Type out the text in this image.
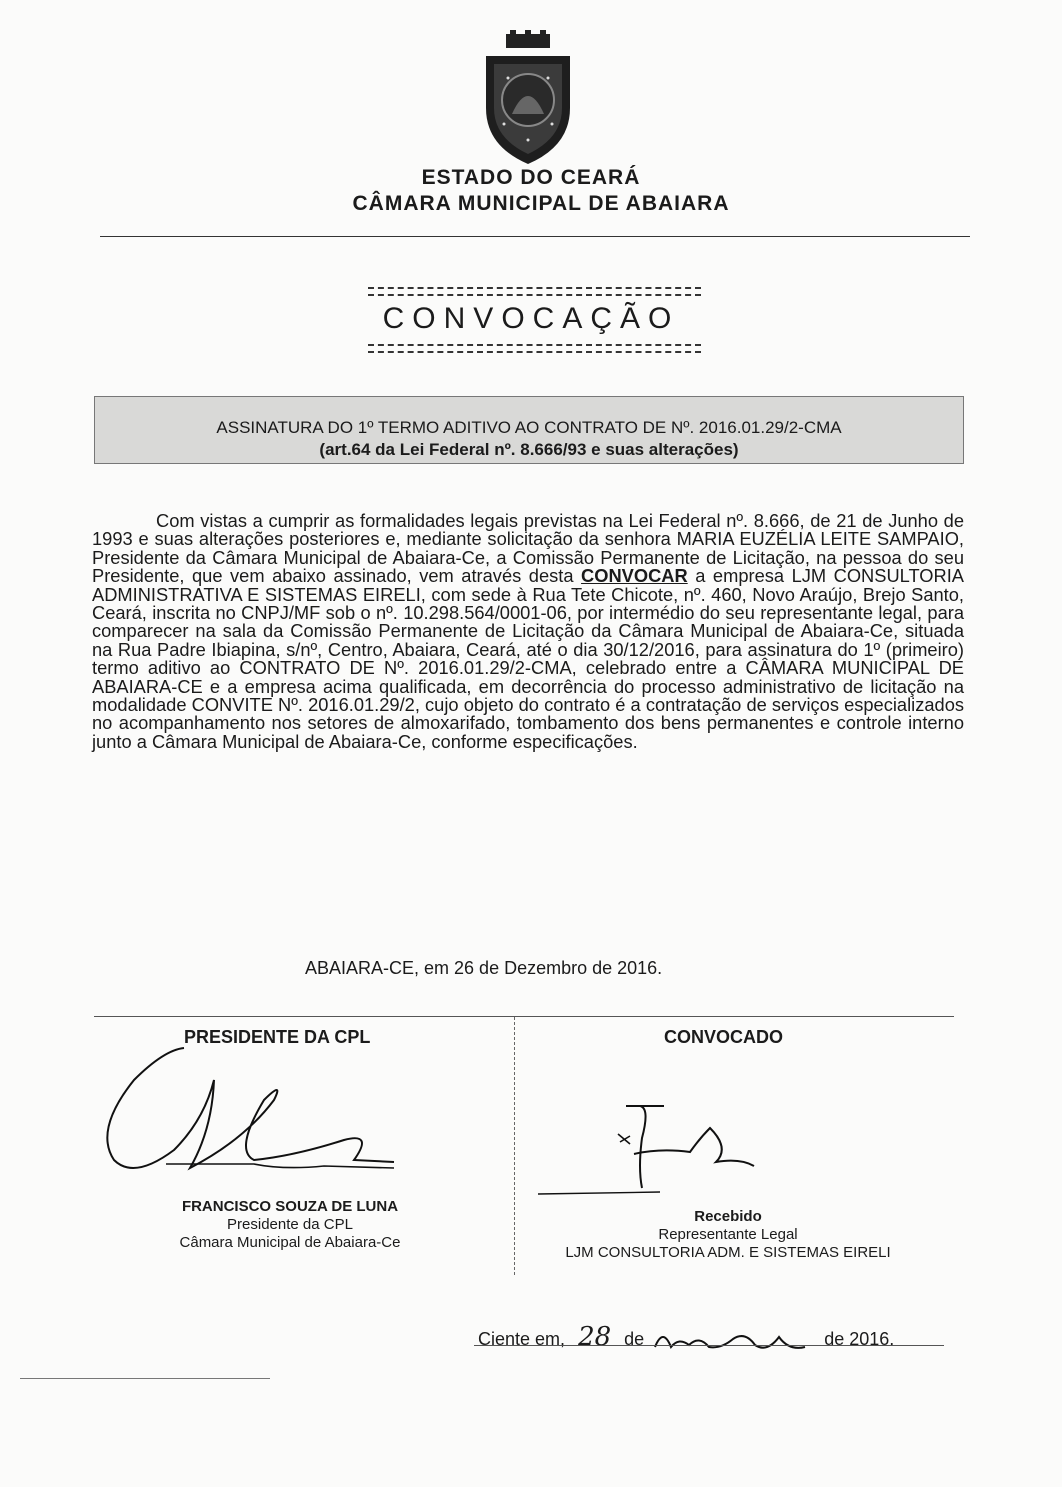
ESTADO DO CEARÁ
CÂMARA MUNICIPAL DE ABAIARA
CONVOCAÇÃO
ASSINATURA DO 1º TERMO ADITIVO AO CONTRATO DE Nº. 2016.01.29/2-CMA
(art.64 da Lei Federal nº. 8.666/93 e suas alterações)
Com vistas a cumprir as formalidades legais previstas na Lei Federal nº. 8.666, de 21 de Junho de 1993 e suas alterações posteriores e, mediante solicitação da senhora MARIA EUZÉLIA LEITE SAMPAIO, Presidente da Câmara Municipal de Abaiara-Ce, a Comissão Permanente de Licitação, na pessoa do seu Presidente, que vem abaixo assinado, vem através desta CONVOCAR a empresa LJM CONSULTORIA ADMINISTRATIVA E SISTEMAS EIRELI, com sede à Rua Tete Chicote, nº. 460, Novo Araújo, Brejo Santo, Ceará, inscrita no CNPJ/MF sob o nº. 10.298.564/0001-06, por intermédio do seu representante legal, para comparecer na sala da Comissão Permanente de Licitação da Câmara Municipal de Abaiara-Ce, situada na Rua Padre Ibiapina, s/nº, Centro, Abaiara, Ceará, até o dia 30/12/2016, para assinatura do 1º (primeiro) termo aditivo ao CONTRATO DE Nº. 2016.01.29/2-CMA, celebrado entre a CÂMARA MUNICIPAL DE ABAIARA-CE e a empresa acima qualificada, em decorrência do processo administrativo de licitação na modalidade CONVITE Nº. 2016.01.29/2, cujo objeto do contrato é a contratação de serviços especializados no acompanhamento nos setores de almoxarifado, tombamento dos bens permanentes e controle interno junto a Câmara Municipal de Abaiara-Ce, conforme especificações.
ABAIARA-CE, em 26 de Dezembro de 2016.
PRESIDENTE DA CPL	CONVOCADO
FRANCISCO SOUZA DE LUNA
Presidente da CPL
Câmara Municipal de Abaiara-Ce
Recebido
Representante Legal
LJM CONSULTORIA ADM. E SISTEMAS EIRELI
Ciente em, 28 de	de 2016.
